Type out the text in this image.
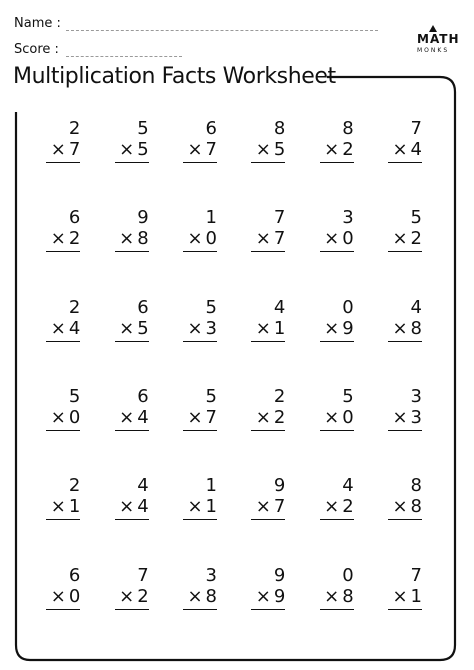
Name :
Score :
MATH
MONKS
Multiplication Facts Worksheet
2
× 7
5
× 5
6
× 7
8
× 5
8
× 2
7
× 4
6
× 2
9
× 8
1
× 0
7
× 7
3
× 0
5
× 2
2
× 4
6
× 5
5
× 3
4
× 1
0
× 9
4
× 8
5
× 0
6
× 4
5
× 7
2
× 2
5
× 0
3
× 3
2
× 1
4
× 4
1
× 1
9
× 7
4
× 2
8
× 8
6
× 0
7
× 2
3
× 8
9
× 9
0
× 8
7
× 1
